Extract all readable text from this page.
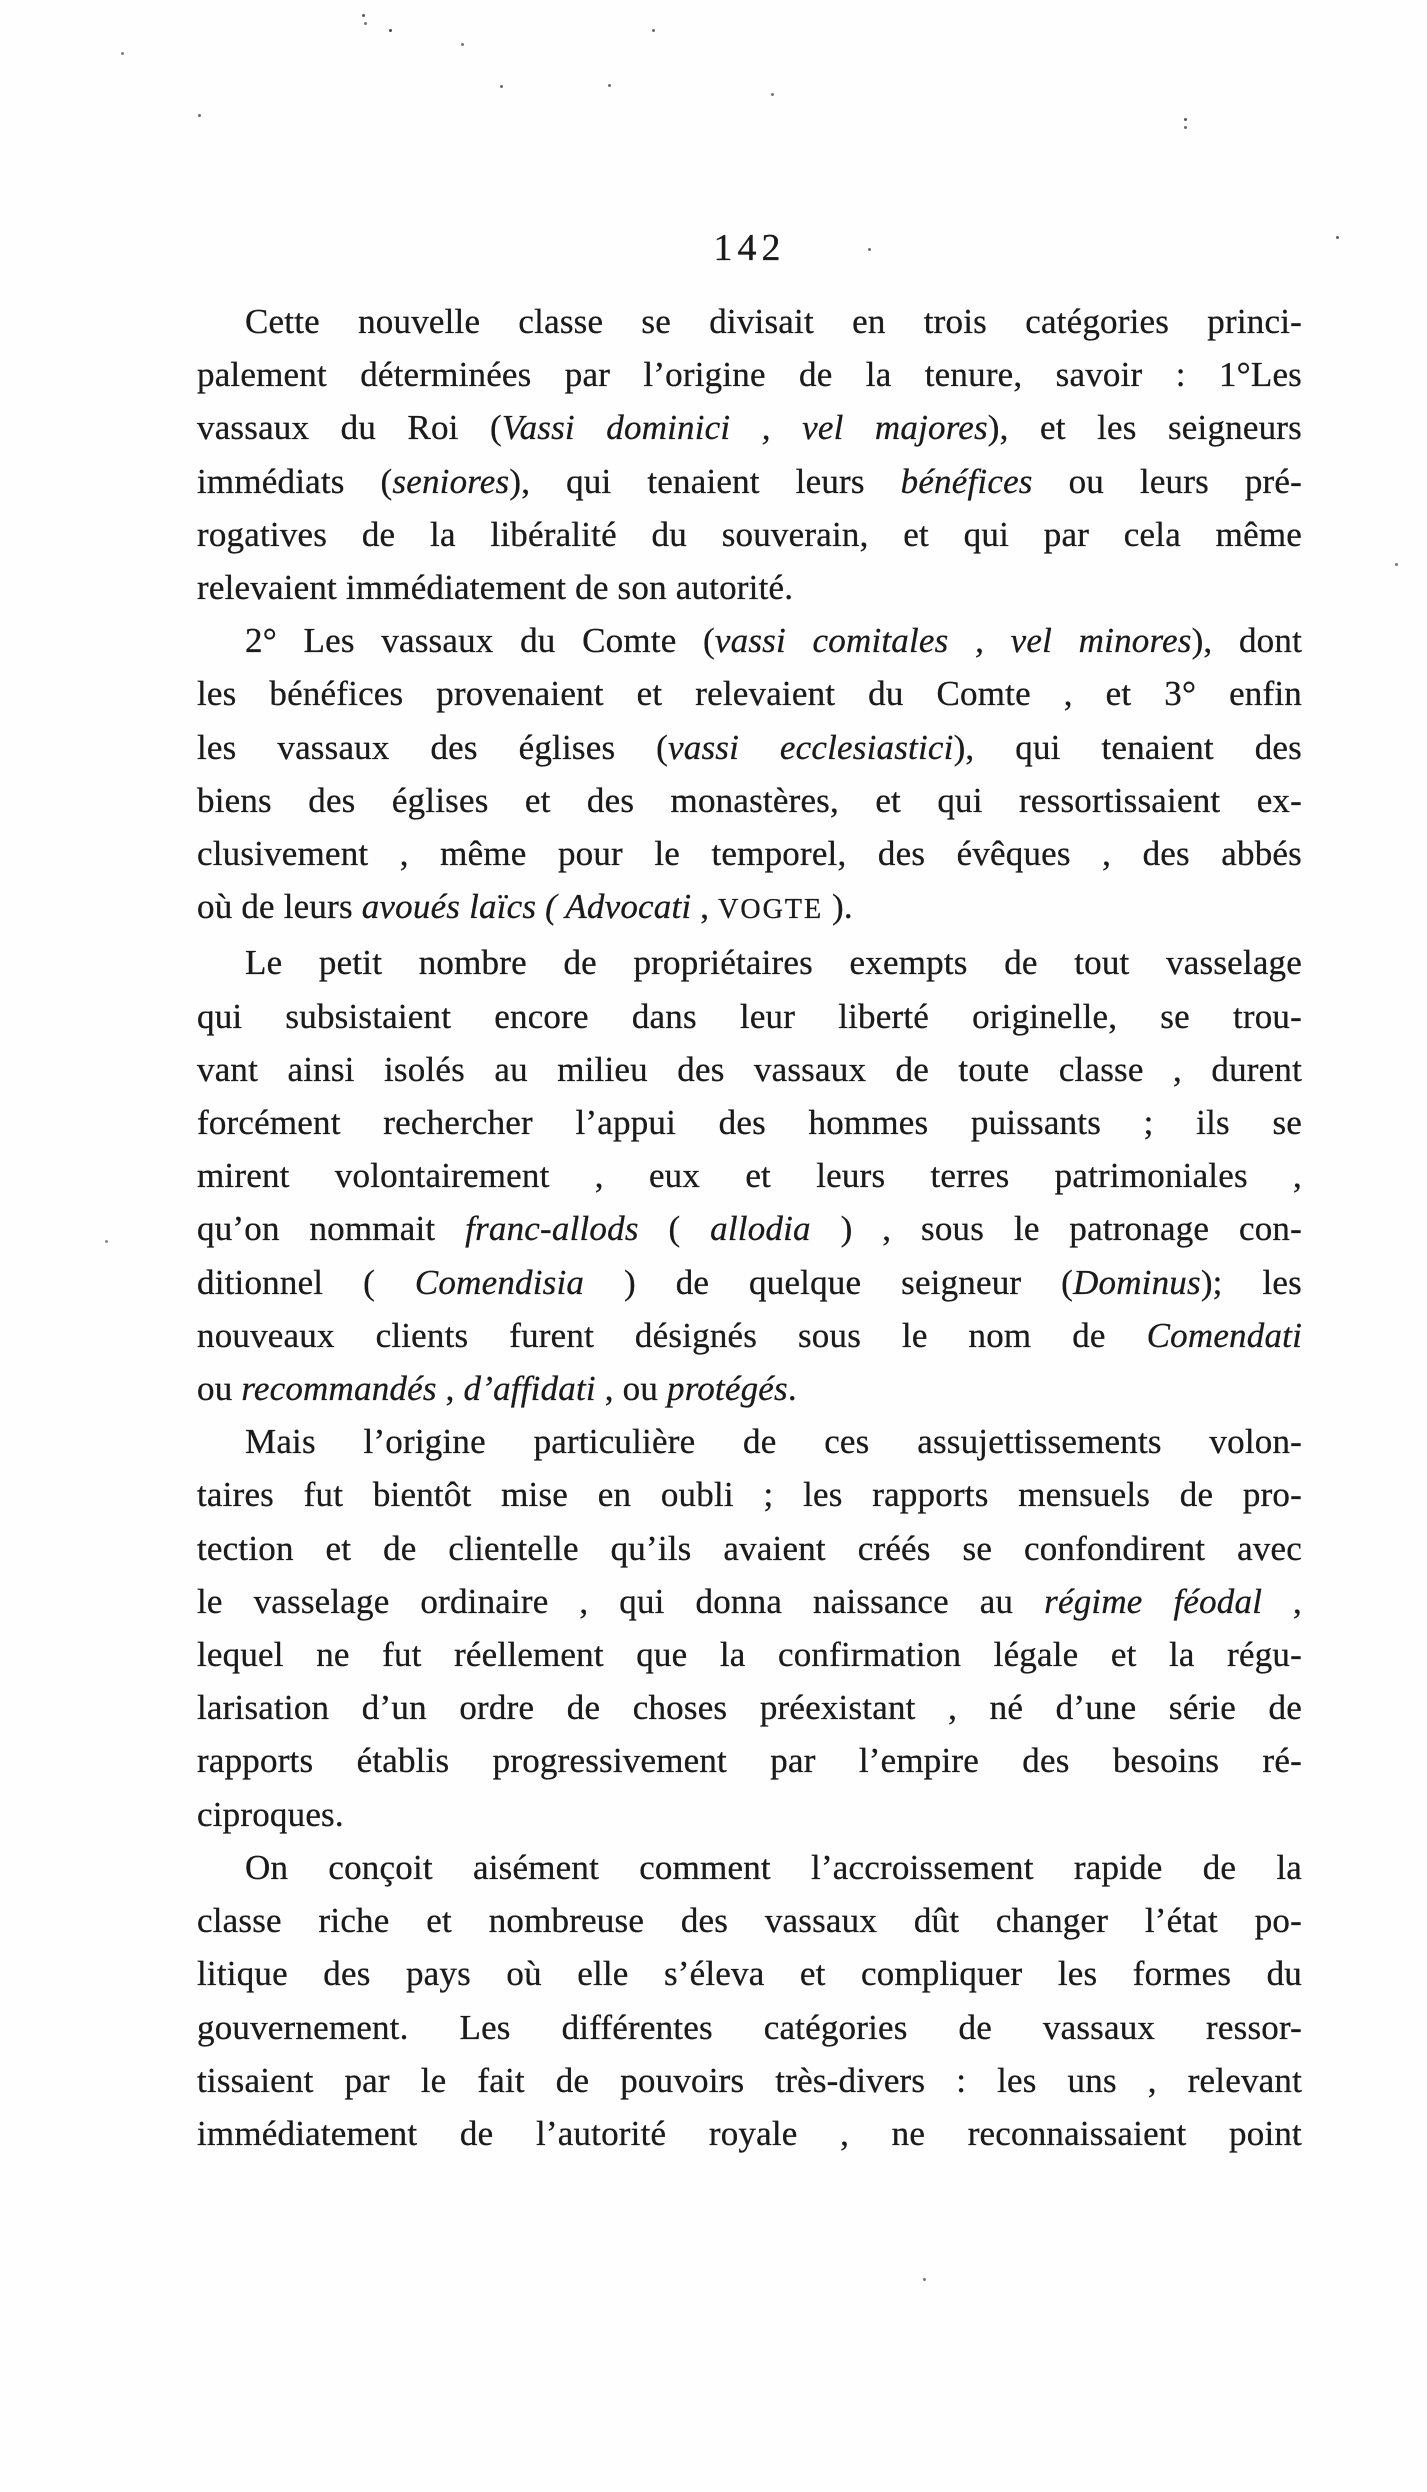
142
Cette nouvelle classe se divisait en trois catégories princi-
palement déterminées par l’origine de la tenure, savoir : 1°Les
vassaux du Roi (Vassi dominici , vel majores), et les seigneurs
immédiats (seniores), qui tenaient leurs bénéfices ou leurs pré-
rogatives de la libéralité du souverain, et qui par cela même
relevaient immédiatement de son autorité.
2° Les vassaux du Comte (vassi comitales , vel minores), dont
les bénéfices provenaient et relevaient du Comte , et 3° enfin
les vassaux des églises (vassi ecclesiastici), qui tenaient des
biens des églises et des monastères, et qui ressortissaient ex-
clusivement , même pour le temporel, des évêques , des abbés
où de leurs avoués laïcs ( Advocati , VOGTE ).
Le petit nombre de propriétaires exempts de tout vasselage
qui subsistaient encore dans leur liberté originelle, se trou-
vant ainsi isolés au milieu des vassaux de toute classe , durent
forcément rechercher l’appui des hommes puissants ; ils se
mirent volontairement , eux et leurs terres patrimoniales ,
qu’on nommait franc-allods ( allodia ) , sous le patronage con-
ditionnel ( Comendisia ) de quelque seigneur (Dominus); les
nouveaux clients furent désignés sous le nom de Comendati
ou recommandés , d’affidati , ou protégés.
Mais l’origine particulière de ces assujettissements volon-
taires fut bientôt mise en oubli ; les rapports mensuels de pro-
tection et de clientelle qu’ils avaient créés se confondirent avec
le vasselage ordinaire , qui donna naissance au régime féodal ,
lequel ne fut réellement que la confirmation légale et la régu-
larisation d’un ordre de choses préexistant , né d’une série de
rapports établis progressivement par l’empire des besoins ré-
ciproques.
On conçoit aisément comment l’accroissement rapide de la
classe riche et nombreuse des vassaux dût changer l’état po-
litique des pays où elle s’éleva et compliquer les formes du
gouvernement. Les différentes catégories de vassaux ressor-
tissaient par le fait de pouvoirs très-divers : les uns , relevant
immédiatement de l’autorité royale , ne reconnaissaient point
